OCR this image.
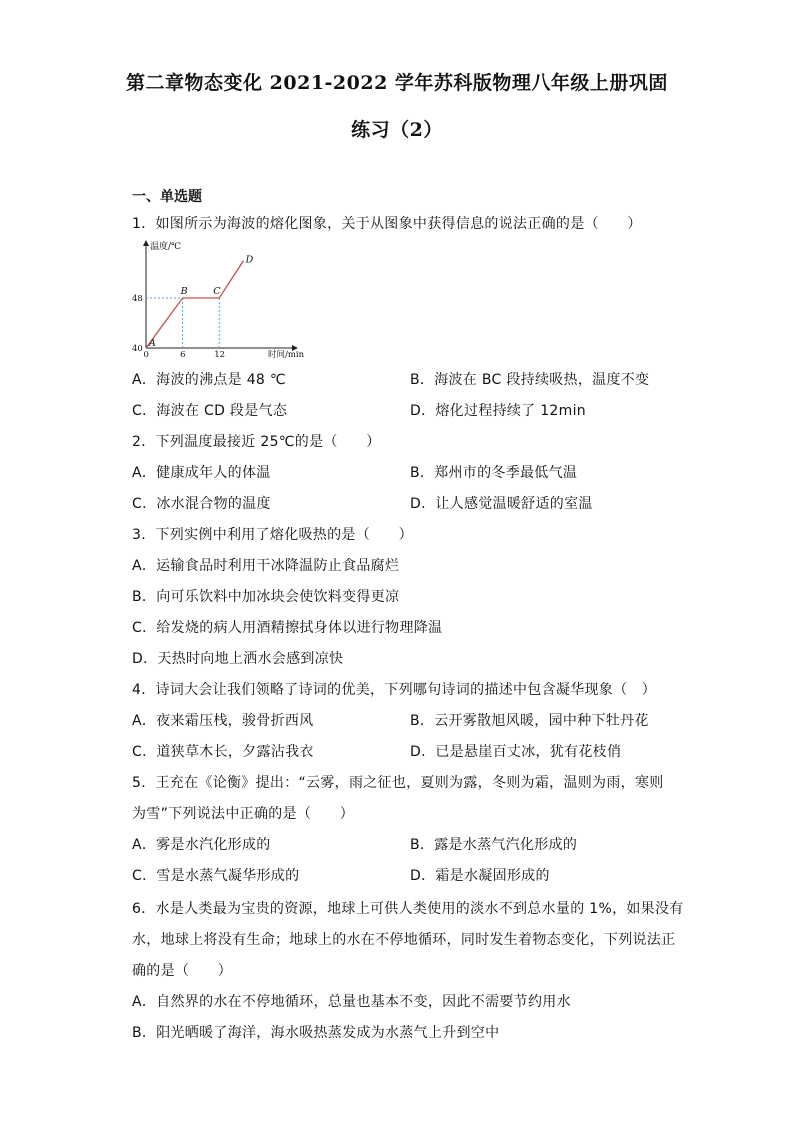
第二章物态变化 2021-2022 学年苏科版物理八年级上册巩固
练习（2）
一、单选题
1．如图所示为海波的熔化图象，关于从图象中获得信息的说法正确的是（　　）
温度/℃
时间/min
A
B	C
D
0	6	12
40
48
A．海波的沸点是 48 ℃	B．海波在 BC 段持续吸热，温度不变
C．海波在 CD 段是气态	D．熔化过程持续了 12min
2．下列温度最接近 25℃的是（　　）
A．健康成年人的体温	B．郑州市的冬季最低气温
C．冰水混合物的温度	D．让人感觉温暖舒适的室温
3．下列实例中利用了熔化吸热的是（　　）
A．运输食品时利用干冰降温防止食品腐烂
B．向可乐饮料中加冰块会使饮料变得更凉
C．给发烧的病人用酒精擦拭身体以进行物理降温
D．天热时向地上洒水会感到凉快
4．诗词大会让我们领略了诗词的优美，下列哪句诗词的描述中包含凝华现象（　）
A．夜来霜压栈，骏骨折西风	B．云开雾散旭风暖，园中种下牡丹花
C．道狭草木长，夕露沾我衣	D．已是悬崖百丈冰，犹有花枝俏
5．王充在《论衡》提出：“云雾，雨之征也，夏则为露，冬则为霜，温则为雨，寒则
为雪”下列说法中正确的是（　　）
A．雾是水汽化形成的	B．露是水蒸气汽化形成的
C．雪是水蒸气凝华形成的	D．霜是水凝固形成的
6．水是人类最为宝贵的资源，地球上可供人类使用的淡水不到总水量的 1%，如果没有
水，地球上将没有生命；地球上的水在不停地循环，同时发生着物态变化，下列说法正
确的是（　　）
A．自然界的水在不停地循环，总量也基本不变，因此不需要节约用水
B．阳光晒暖了海洋，海水吸热蒸发成为水蒸气上升到空中
